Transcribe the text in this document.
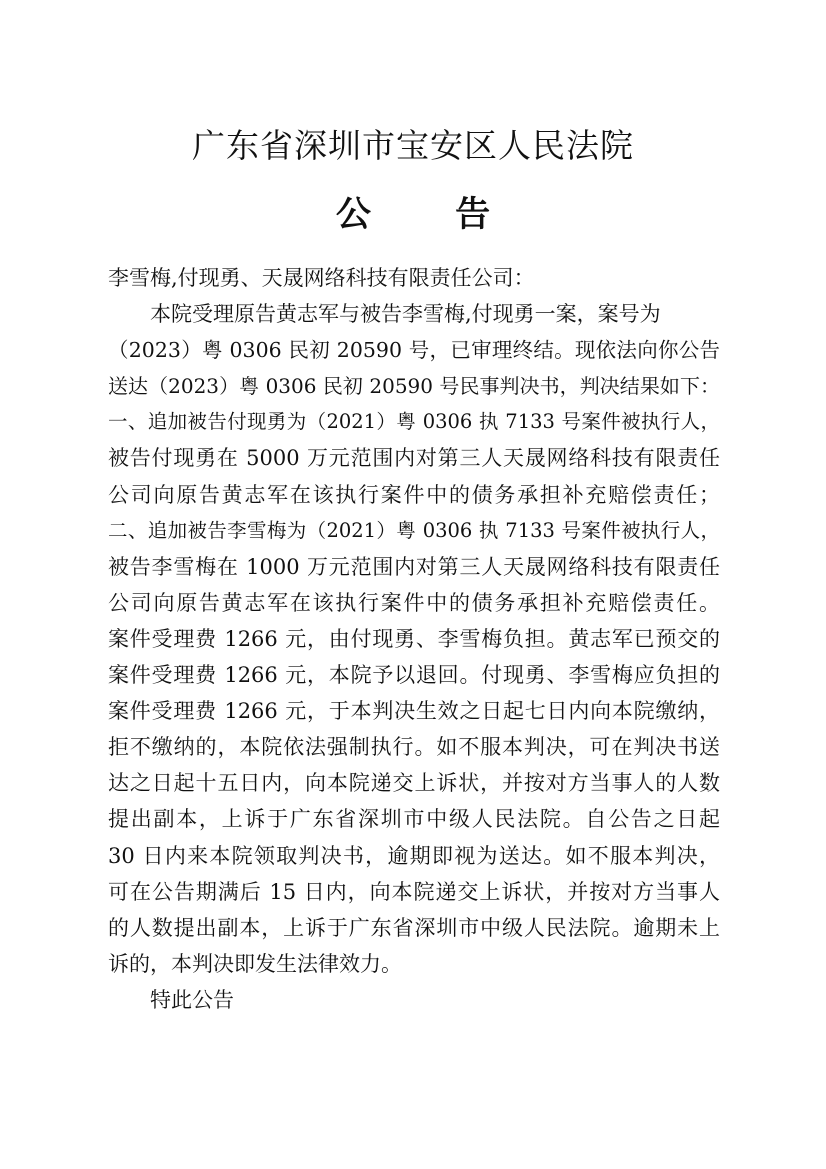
广东省深圳市宝安区人民法院
公 告
李雪梅,付现勇、天晟网络科技有限责任公司：
本院受理原告黄志军与被告李雪梅,付现勇一案，案号为
（2023）粤 0306 民初 20590 号，已审理终结。现依法向你公告
送达（2023）粤 0306 民初 20590 号民事判决书，判决结果如下：
一、追加被告付现勇为（2021）粤 0306 执 7133 号案件被执行人，
被告付现勇在 5000 万元范围内对第三人天晟网络科技有限责任
公司向原告黄志军在该执行案件中的债务承担补充赔偿责任；
二、追加被告李雪梅为（2021）粤 0306 执 7133 号案件被执行人，
被告李雪梅在 1000 万元范围内对第三人天晟网络科技有限责任
公司向原告黄志军在该执行案件中的债务承担补充赔偿责任。
案件受理费 1266 元，由付现勇、李雪梅负担。黄志军已预交的
案件受理费 1266 元，本院予以退回。付现勇、李雪梅应负担的
案件受理费 1266 元，于本判决生效之日起七日内向本院缴纳，
拒不缴纳的，本院依法强制执行。如不服本判决，可在判决书送
达之日起十五日内，向本院递交上诉状，并按对方当事人的人数
提出副本，上诉于广东省深圳市中级人民法院。自公告之日起
30 日内来本院领取判决书，逾期即视为送达。如不服本判决，
可在公告期满后 15 日内，向本院递交上诉状，并按对方当事人
的人数提出副本，上诉于广东省深圳市中级人民法院。逾期未上
诉的，本判决即发生法律效力。
特此公告
